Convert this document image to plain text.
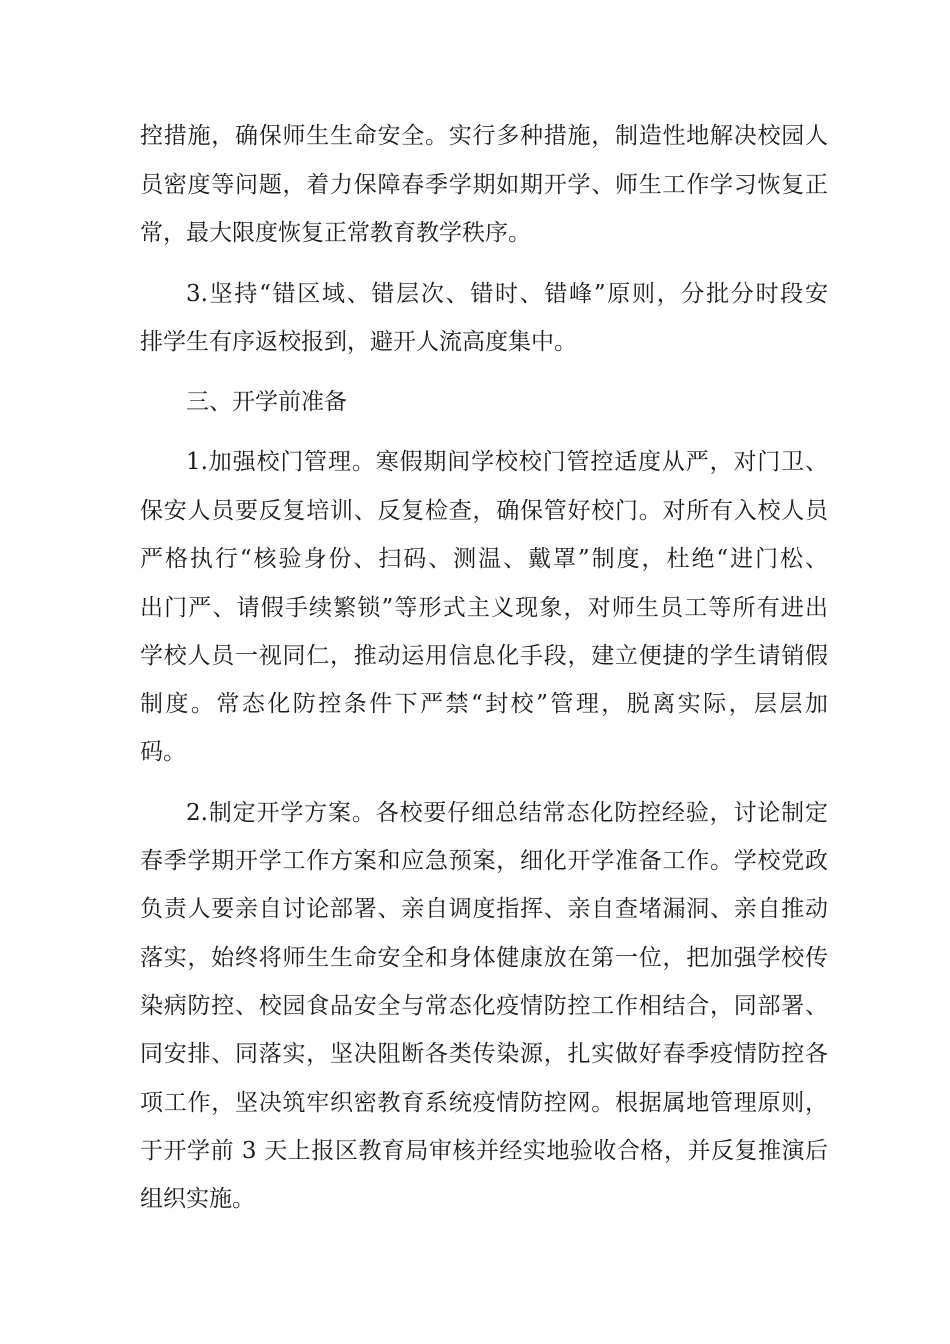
控措施，确保师生生命安全。实行多种措施，制造性地解决校园人
员密度等问题，着力保障春季学期如期开学、师生工作学习恢复正
常，最大限度恢复正常教育教学秩序。
3.坚持“错区域、错层次、错时、错峰”原则，分批分时段安
排学生有序返校报到，避开人流高度集中。
三、开学前准备
1.加强校门管理。寒假期间学校校门管控适度从严，对门卫、
保安人员要反复培训、反复检查，确保管好校门。对所有入校人员
严格执行“核验身份、扫码、测温、戴罩”制度，杜绝“进门松、
出门严、请假手续繁锁”等形式主义现象，对师生员工等所有进出
学校人员一视同仁，推动运用信息化手段，建立便捷的学生请销假
制度。常态化防控条件下严禁“封校”管理，脱离实际，层层加
码。
2.制定开学方案。各校要仔细总结常态化防控经验，讨论制定
春季学期开学工作方案和应急预案，细化开学准备工作。学校党政
负责人要亲自讨论部署、亲自调度指挥、亲自查堵漏洞、亲自推动
落实，始终将师生生命安全和身体健康放在第一位，把加强学校传
染病防控、校园食品安全与常态化疫情防控工作相结合，同部署、
同安排、同落实，坚决阻断各类传染源，扎实做好春季疫情防控各
项工作，坚决筑牢织密教育系统疫情防控网。根据属地管理原则，
于开学前 3 天上报区教育局审核并经实地验收合格，并反复推演后
组织实施。
